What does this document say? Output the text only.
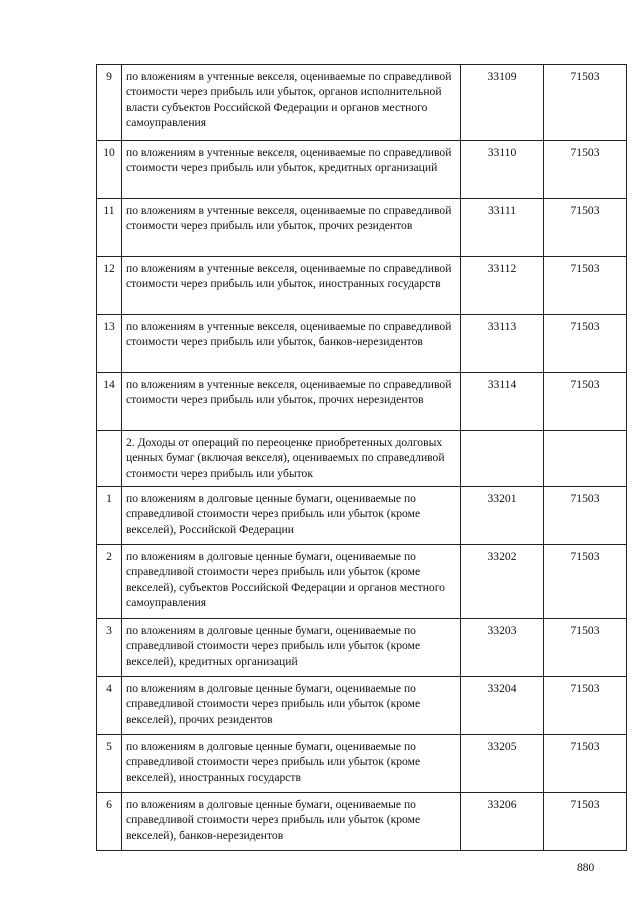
9	по вложениям в учтенные векселя, оцениваемые по справедливой стоимости через прибыль или убыток, органов исполнительной власти субъектов Российской Федерации и органов местного самоуправления	33109	71503
10	по вложениям в учтенные векселя, оцениваемые по справедливой стоимости через прибыль или убыток, кредитных организаций	33110	71503
11	по вложениям в учтенные векселя, оцениваемые по справедливой стоимости через прибыль или убыток, прочих резидентов	33111	71503
12	по вложениям в учтенные векселя, оцениваемые по справедливой стоимости через прибыль или убыток, иностранных государств	33112	71503
13	по вложениям в учтенные векселя, оцениваемые по справедливой стоимости через прибыль или убыток, банков-нерезидентов	33113	71503
14	по вложениям в учтенные векселя, оцениваемые по справедливой стоимости через прибыль или убыток, прочих нерезидентов	33114	71503
	2. Доходы от операций по переоценке приобретенных долговых ценных бумаг (включая векселя), оцениваемых по справедливой стоимости через прибыль или убыток		
1	по вложениям в долговые ценные бумаги, оцениваемые по справедливой стоимости через прибыль или убыток (кроме векселей), Российской Федерации	33201	71503
2	по вложениям в долговые ценные бумаги, оцениваемые по справедливой стоимости через прибыль или убыток (кроме векселей), субъектов Российской Федерации и органов местного самоуправления	33202	71503
3	по вложениям в долговые ценные бумаги, оцениваемые по справедливой стоимости через прибыль или убыток (кроме векселей), кредитных организаций	33203	71503
4	по вложениям в долговые ценные бумаги, оцениваемые по справедливой стоимости через прибыль или убыток (кроме векселей), прочих резидентов	33204	71503
5	по вложениям в долговые ценные бумаги, оцениваемые по справедливой стоимости через прибыль или убыток (кроме векселей), иностранных государств	33205	71503
6	по вложениям в долговые ценные бумаги, оцениваемые по справедливой стоимости через прибыль или убыток (кроме векселей), банков-нерезидентов	33206	71503
880
